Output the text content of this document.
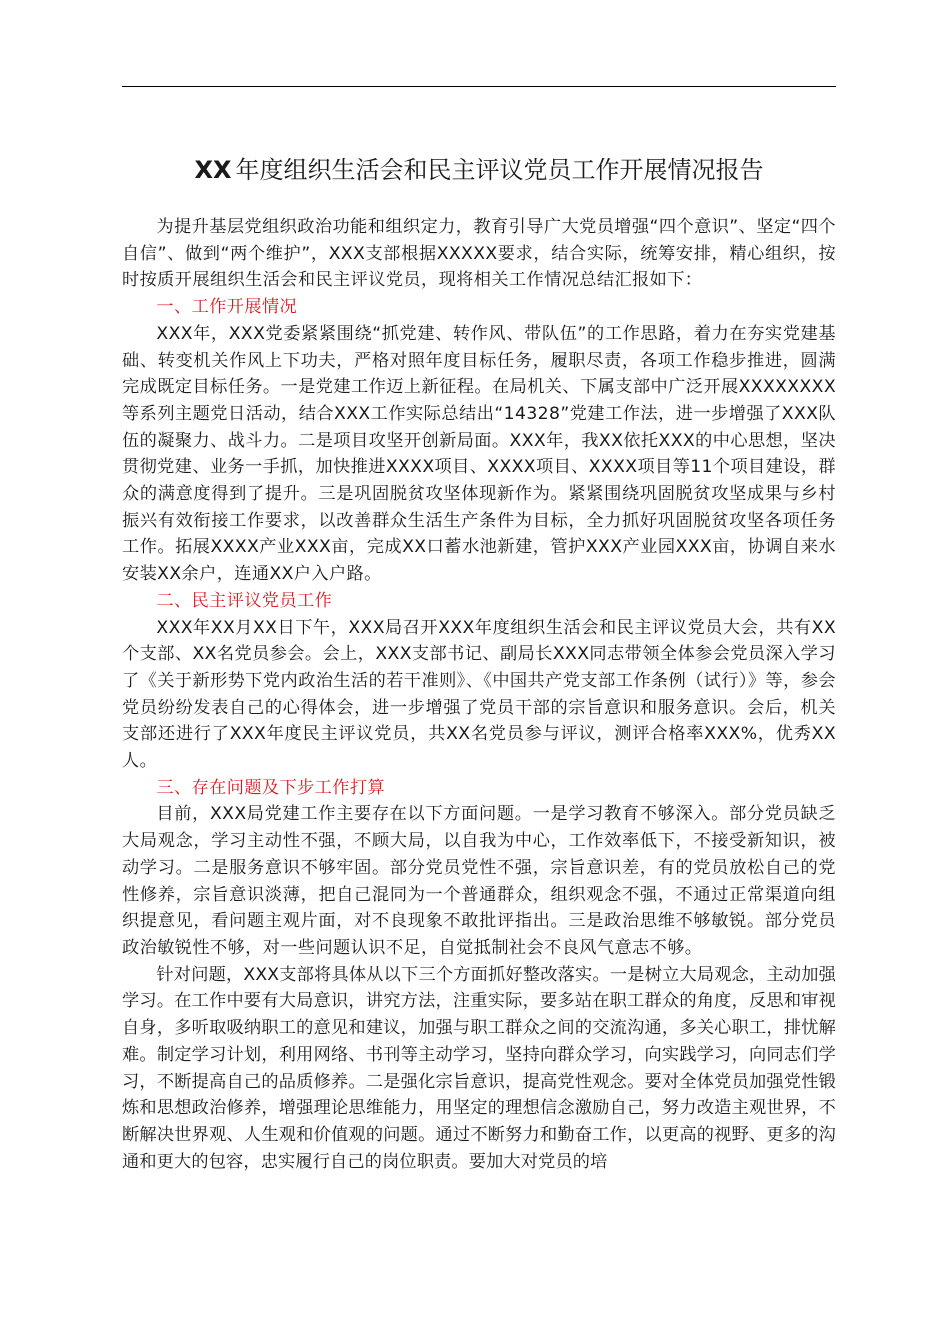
XX 年度组织生活会和民主评议党员工作开展情况报告

为提升基层党组织政治功能和组织定力，教育引导广大党员增强“四个意识”、坚定“四个自信”、做到“两个维护”，XXX支部根据XXXXX要求，结合实际，统筹安排，精心组织，按时按质开展组织生活会和民主评议党员，现将相关工作情况总结汇报如下：

一、工作开展情况

XXX年，XXX党委紧紧围绕“抓党建、转作风、带队伍”的工作思路，着力在夯实党建基础、转变机关作风上下功夫，严格对照年度目标任务，履职尽责，各项工作稳步推进，圆满完成既定目标任务。一是党建工作迈上新征程。在局机关、下属支部中广泛开展XXXXXXXX等系列主题党日活动，结合XXX工作实际总结出“14328”党建工作法，进一步增强了XXX队伍的凝聚力、战斗力。二是项目攻坚开创新局面。XXX年，我XX依托XXX的中心思想，坚决贯彻党建、业务一手抓，加快推进XXXX项目、XXXX项目、XXXX项目等11个项目建设，群众的满意度得到了提升。三是巩固脱贫攻坚体现新作为。紧紧围绕巩固脱贫攻坚成果与乡村振兴有效衔接工作要求，以改善群众生活生产条件为目标，全力抓好巩固脱贫攻坚各项任务工作。拓展XXXX产业XXX亩，完成XX口蓄水池新建，管护XXX产业园XXX亩，协调自来水安装XX余户，连通XX户入户路。

二、民主评议党员工作

XXX年XX月XX日下午，XXX局召开XXX年度组织生活会和民主评议党员大会，共有XX个支部、XX名党员参会。会上，XXX支部书记、副局长XXX同志带领全体参会党员深入学习了《关于新形势下党内政治生活的若干准则》、《中国共产党支部工作条例（试行）》等，参会党员纷纷发表自己的心得体会，进一步增强了党员干部的宗旨意识和服务意识。会后，机关支部还进行了XXX年度民主评议党员，共XX名党员参与评议，测评合格率XXX%，优秀XX人。

三、存在问题及下步工作打算

目前，XXX局党建工作主要存在以下方面问题。一是学习教育不够深入。部分党员缺乏大局观念，学习主动性不强，不顾大局，以自我为中心，工作效率低下，不接受新知识，被动学习。二是服务意识不够牢固。部分党员党性不强，宗旨意识差，有的党员放松自己的党性修养，宗旨意识淡薄，把自己混同为一个普通群众，组织观念不强，不通过正常渠道向组织提意见，看问题主观片面，对不良现象不敢批评指出。三是政治思维不够敏锐。部分党员政治敏锐性不够，对一些问题认识不足，自觉抵制社会不良风气意志不够。

针对问题，XXX支部将具体从以下三个方面抓好整改落实。一是树立大局观念，主动加强学习。在工作中要有大局意识，讲究方法，注重实际，要多站在职工群众的角度，反思和审视自身，多听取吸纳职工的意见和建议，加强与职工群众之间的交流沟通，多关心职工，排忧解难。制定学习计划，利用网络、书刊等主动学习，坚持向群众学习，向实践学习，向同志们学习，不断提高自己的品质修养。二是强化宗旨意识，提高党性观念。要对全体党员加强党性锻炼和思想政治修养，增强理论思维能力，用坚定的理想信念激励自己，努力改造主观世界，不断解决世界观、人生观和价值观的问题。通过不断努力和勤奋工作，以更高的视野、更多的沟通和更大的包容，忠实履行自己的岗位职责。要加大对党员的培
